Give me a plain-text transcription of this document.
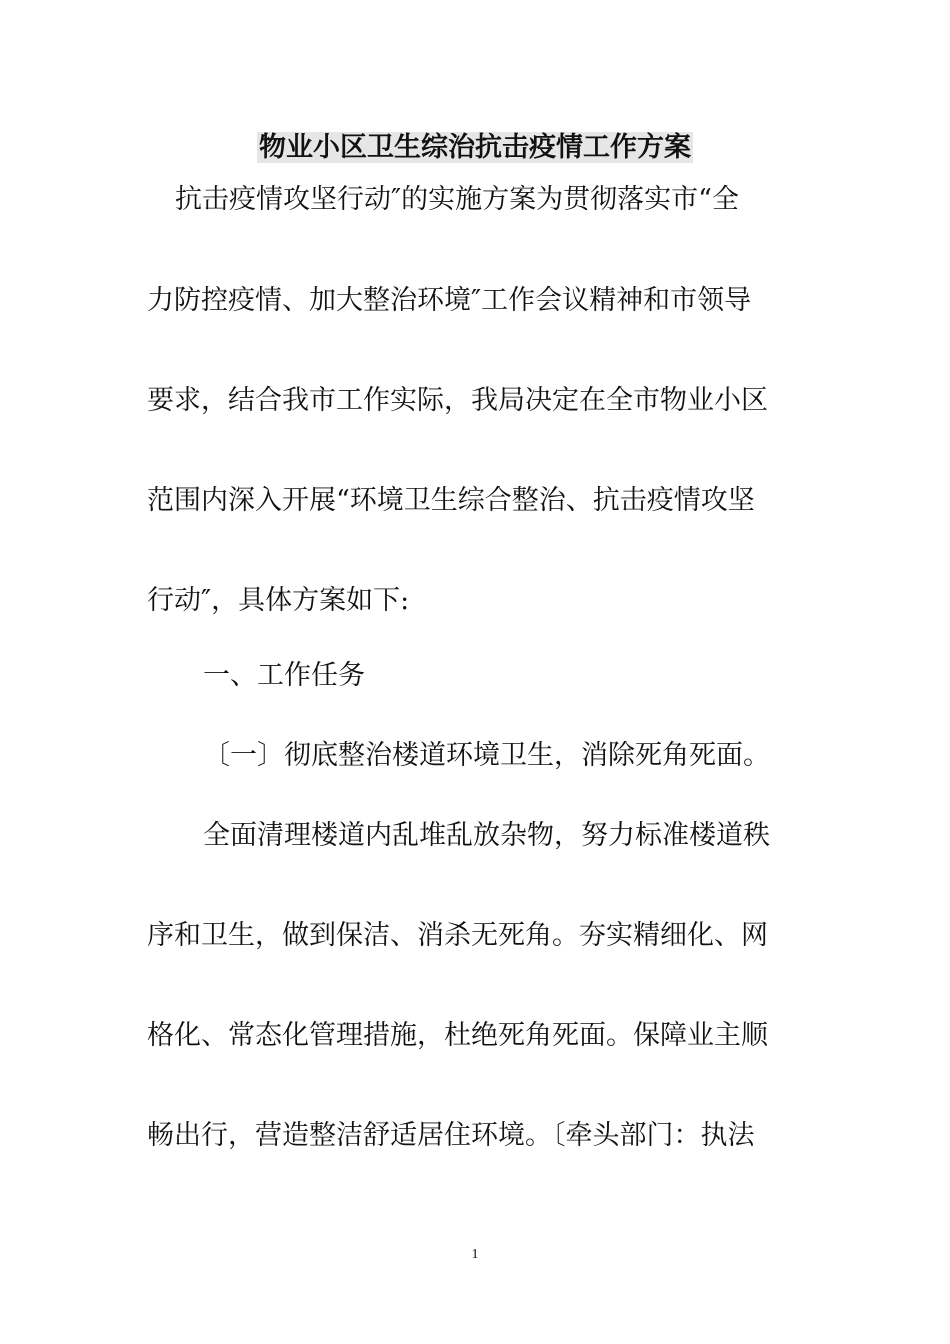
物业小区卫生综治抗击疫情工作方案

抗击疫情攻坚行动″的实施方案为贯彻落实市“全

力防控疫情、加大整治环境″工作会议精神和市领导

要求，结合我市工作实际，我局决定在全市物业小区

范围内深入开展“环境卫生综合整治、抗击疫情攻坚

行动″，具体方案如下:

一、工作任务

〔一〕彻底整治楼道环境卫生，消除死角死面。

全面清理楼道内乱堆乱放杂物，努力标准楼道秩

序和卫生，做到保洁、消杀无死角。夯实精细化、网

格化、常态化管理措施，杜绝死角死面。保障业主顺

畅出行，营造整洁舒适居住环境。〔牵头部门：执法

1
